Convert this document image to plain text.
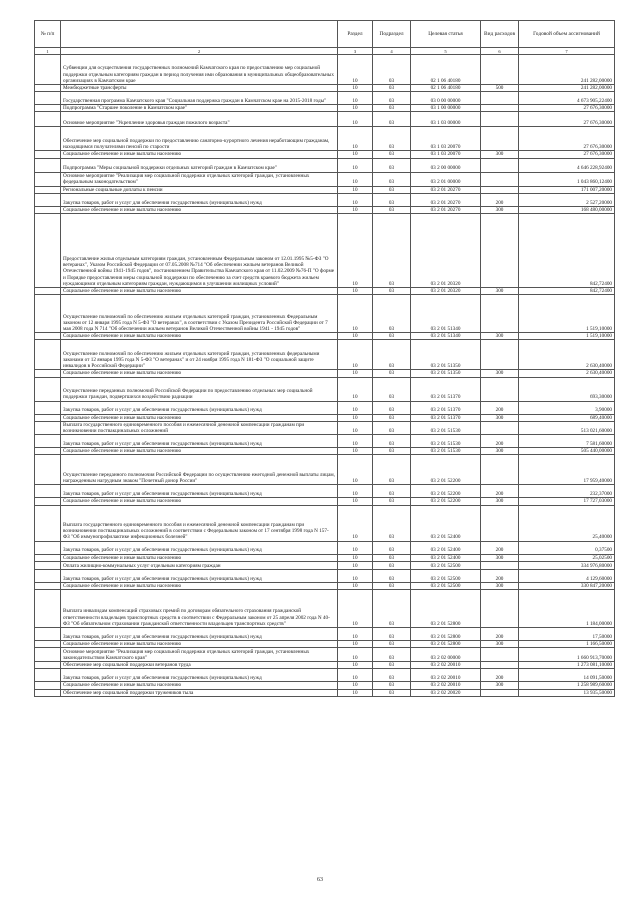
№ п/п		Раздел	Подраздел	Целевая статья	Вид расходов	Годовой объем ассигнований
1	2	3	4	5	6	7
	Субвенции для осуществления государственных полномочий Камчатского края по предоставлению мер социальной поддержки отдельным категориям граждан в период получения ими образования в муниципальных общеобразовательных организациях в Камчатском крае	10	03	02 1 06 40180		241 282,00000
	Межбюджетные трансферты	10	03	02 1 06 40180	500	241 282,00000
	Государственная программа Камчатского края "Социальная поддержка граждан в Камчатском крае на 2015-2018 годы"	10	03	03 0 00 00000		4 673 905,22400
	Подпрограмма "Старшее поколение в Камчатском крае"	10	03	03 1 00 00000		27 676,30000
	Основное мероприятие "Укрепление здоровья граждан пожилого возраста"	10	03	03 1 03 00000		27 676,30000
	Обеспечение мер социальной поддержки по предоставлению санаторно-курортного лечения неработающим гражданам, находящимся получателями пенсий по старости	10	03	03 1 03 20070		27 676,30000
	Социальное обеспечение и иные выплаты населению	10	03	03 1 03 20070	300	27 676,30000
	Подпрограмма "Меры социальной поддержки отдельных категорий граждан в Камчатском крае"	10	03	03 2 00 00000		4 646 228,92400
	Основное мероприятие "Реализация мер социальной поддержки отдельных категорий граждан, установленных федеральным законодательством"	10	03	03 2 01 00000		1 043 860,12400
	Региональные социальные доплаты к пенсии	10	03	03 2 01 20270		171 007,20000
	Закупка товаров, работ и услуг для обеспечения государственных (муниципальных) нужд	10	03	03 2 01 20270	200	2 527,20000
	Социальное обеспечение и иные выплаты населению	10	03	03 2 01 20270	300	168 480,00000
	Предоставление жилья отдельным категориям граждан, установленным Федеральным законом от 12.01.1995 №5-ФЗ "О ветеранах", Указом Российской Федерации от 07.05.2008 №714 "Об обеспечении жильем ветеранов Великой Отечественной войны 1941-1945 годов", постановлением Правительства Камчатского края от 11.02.2009 №76-П "О форме и Порядке предоставления меры социальной поддержки по обеспечению за счет средств краевого бюджета жильем нуждающимся отдельным категориям граждан, нуждающимся в улучшении жилищных условий"	10	03	03 2 01 20320		842,72400
	Социальное обеспечение и иные выплаты населению	10	03	03 2 01 20320	300	842,72400
	Осуществление полномочий по обеспечению жильем отдельных категорий граждан, установленных Федеральным законом от 12 января 1995 года N 5-ФЗ "О ветеранах", в соответствии с Указом Президента Российской Федерации от 7 мая 2008 года N 714 "Об обеспечении жильем ветеранов Великой Отечественной войны 1941 - 1945 годов"	10	03	03 2 01 51340		1 519,10000
	Социальное обеспечение и иные выплаты населению	10	03	03 2 01 51340	300	1 519,10000
	Осуществление полномочий по обеспечению жильем отдельных категорий граждан, установленных федеральными законами от 12 января 1995 года N 5-ФЗ "О ветеранах" и от 24 ноября 1995 года N 181-ФЗ "О социальной защите инвалидов в Российской Федерации"	10	03	03 2 01 51350		2 630,40000
	Социальное обеспечение и иные выплаты населению	10	03	03 2 01 51350	300	2 630,40000
	Осуществление переданных полномочий Российской Федерации по предоставлению отдельных мер социальной поддержки граждан, подвергшихся воздействию радиации	10	03	03 2 01 51370		693,30000
	Закупка товаров, работ и услуг для обеспечения государственных (муниципальных) нужд	10	03	03 2 01 51370	200	3,90000
	Социальное обеспечение и иные выплаты населению	10	03	03 2 01 51370	300	689,40000
	Выплата государственного единовременного пособия и ежемесячной денежной компенсации гражданам при возникновении поствакцинальных осложнений	10	03	03 2 01 51530		513 021,60000
	Закупка товаров, работ и услуг для обеспечения государственных (муниципальных) нужд	10	03	03 2 01 51530	200	7 581,60000
	Социальное обеспечение и иные выплаты населению	10	03	03 2 01 51530	300	505 440,00000
	Осуществление переданного полномочия Российской Федерации по осуществлению ежегодной денежной выплаты лицам, награжденным нагрудным знаком "Почетный донор России"	10	03	03 2 01 52200		17 959,40000
	Закупка товаров, работ и услуг для обеспечения государственных (муниципальных) нужд	10	03	03 2 01 52200	200	232,37000
	Социальное обеспечение и иные выплаты населению	10	03	03 2 01 52200	300	17 727,03000
	Выплата государственного единовременного пособия и ежемесячной денежной компенсации гражданам при возникновении поствакцинальных осложнений в соответствии с Федеральным законом от 17 сентября 1998 года N 157-ФЗ "Об иммунопрофилактике инфекционных болезней"	10	03	03 2 01 52400		25,40000
	Закупка товаров, работ и услуг для обеспечения государственных (муниципальных) нужд	10	03	03 2 01 52400	200	0,37500
	Социальное обеспечение и иные выплаты населению	10	03	03 2 01 52400	300	25,02500
	Оплата жилищно-коммунальных услуг отдельным категориям граждан	10	03	03 2 01 52500		334 976,80000
	Закупка товаров, работ и услуг для обеспечения государственных (муниципальных) нужд	10	03	03 2 01 52500	200	4 129,60000
	Социальное обеспечение и иные выплаты населению	10	03	03 2 01 52500	300	330 847,20000
	Выплата инвалидам компенсаций страховых премий по договорам обязательного страхования гражданской ответственности владельцев транспортных средств в соответствии с Федеральным законом от 25 апреля 2002 года N 40-ФЗ "Об обязательном страховании гражданской ответственности владельцев транспортных средств"	10	03	03 2 01 52800		1 184,00000
	Закупка товаров, работ и услуг для обеспечения государственных (муниципальных) нужд	10	03	03 2 01 52800	200	17,50000
	Социальное обеспечение и иные выплаты населению	10	03	03 2 01 52800	300	1 166,50000
	Основное мероприятие "Реализация мер социальной поддержки отдельных категорий граждан, установленных законодательством Камчатского края"	10	03	03 2 02 00000		1 660 913,70000
	Обеспечение мер социальной поддержки ветеранов труда	10	03	03 2 02 20010		1 273 081,10000
	Закупка товаров, работ и услуг для обеспечения государственных (муниципальных) нужд	10	03	03 2 02 20010	200	14 091,50000
	Социальное обеспечение и иные выплаты населению	10	03	03 2 02 20010	300	1 258 989,60000
	Обеспечение мер социальной поддержки тружеников тыла	10	03	03 2 02 20020		13 935,50000
63
